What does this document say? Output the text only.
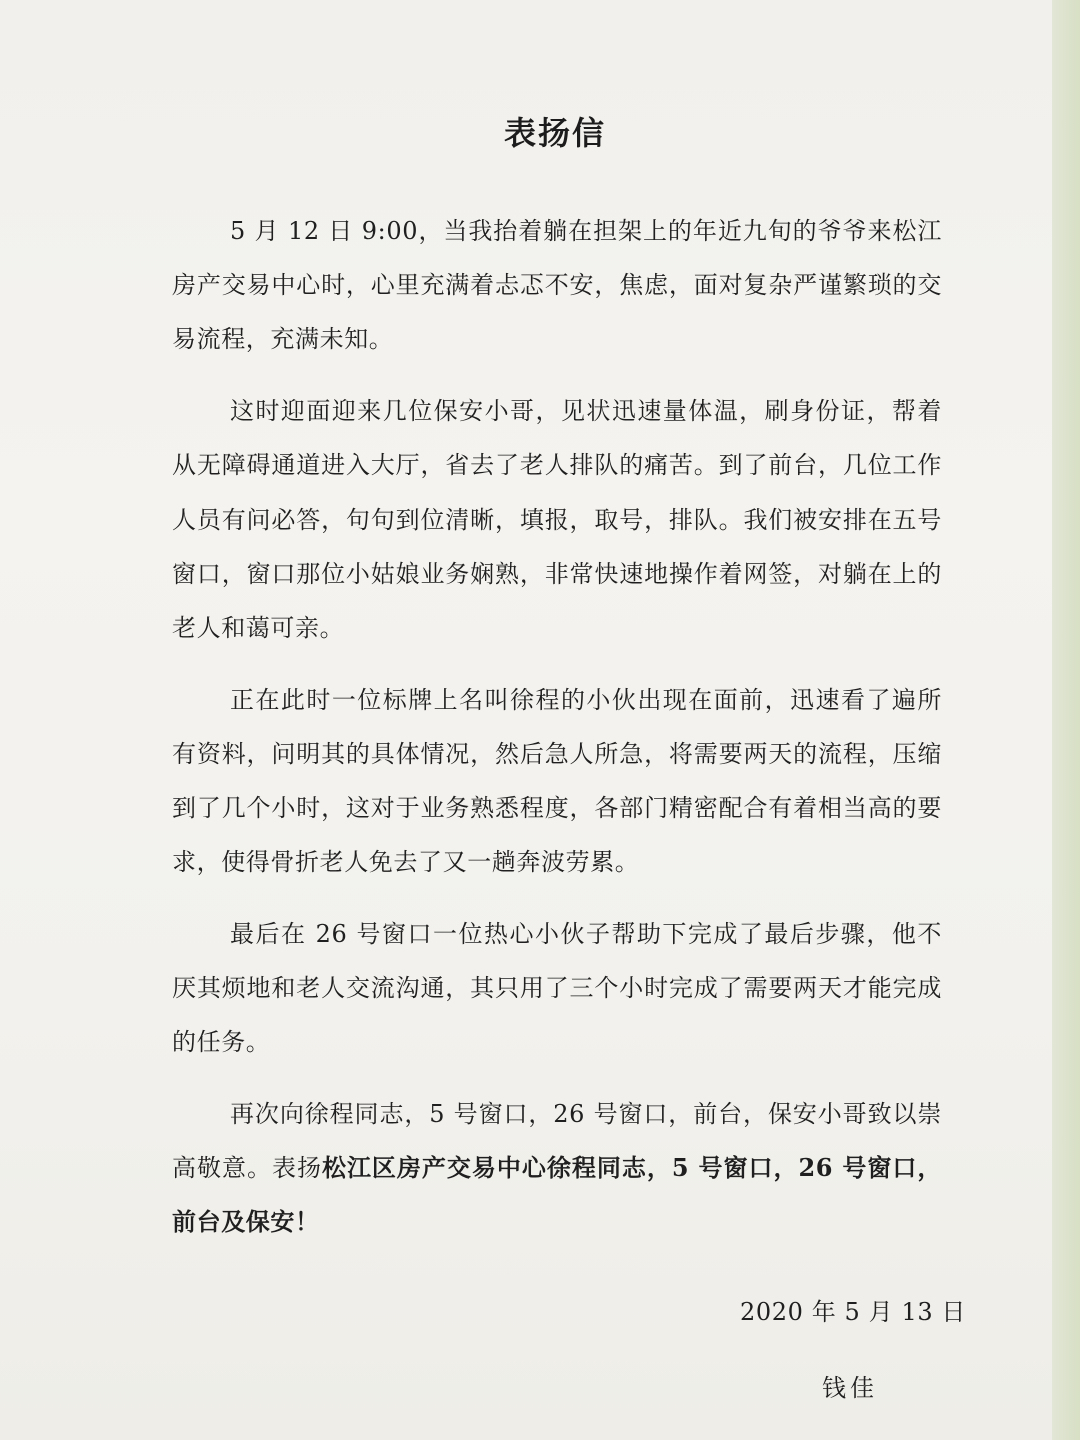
表扬信

5 月 12 日 9:00，当我抬着躺在担架上的年近九旬的爷爷来松江房产交易中心时，心里充满着忐忑不安，焦虑，面对复杂严谨繁琐的交易流程，充满未知。

这时迎面迎来几位保安小哥，见状迅速量体温，刷身份证，帮着从无障碍通道进入大厅，省去了老人排队的痛苦。到了前台，几位工作人员有问必答，句句到位清晰，填报，取号，排队。我们被安排在五号窗口，窗口那位小姑娘业务娴熟，非常快速地操作着网签，对躺在上的老人和蔼可亲。

正在此时一位标牌上名叫徐程的小伙出现在面前，迅速看了遍所有资料，问明其的具体情况，然后急人所急，将需要两天的流程，压缩到了几个小时，这对于业务熟悉程度，各部门精密配合有着相当高的要求，使得骨折老人免去了又一趟奔波劳累。

最后在 26 号窗口一位热心小伙子帮助下完成了最后步骤，他不厌其烦地和老人交流沟通，其只用了三个小时完成了需要两天才能完成的任务。

再次向徐程同志，5 号窗口，26 号窗口，前台，保安小哥致以崇高敬意。表扬松江区房产交易中心徐程同志，5 号窗口，26 号窗口，前台及保安！

2020 年 5 月 13 日
钱佳
